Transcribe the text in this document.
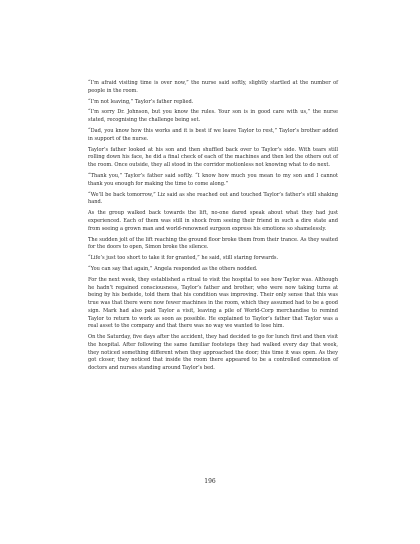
“I’m afraid visiting time is over now,” the nurse said softly, slightly startled at the number of people in the room.

“I’m not leaving,” Taylor’s father replied.

“I’m sorry Dr. Johnson, but you know the rules. Your son is in good care with us,” the nurse stated, recognising the challenge being set.

“Dad, you know how this works and it is best if we leave Taylor to rest,” Taylor’s brother added in support of the nurse.

Taylor’s father looked at his son and then shuffled back over to Taylor’s side. With tears still rolling down his face, he did a final check of each of the machines and then led the others out of the room. Once outside, they all stood in the corridor motionless not knowing what to do next.

“Thank you,” Taylor’s father said softly. “I know how much you mean to my son and I cannot thank you enough for making the time to come along.”

“We’ll be back tomorrow,” Liz said as she reached out and touched Taylor’s father’s still shaking hand.

As the group walked back towards the lift, no-one dared speak about what they had just experienced. Each of them was still in shock from seeing their friend in such a dire state and from seeing a grown man and world-renowned surgeon express his emotions so shamelessly.

The sudden jolt of the lift reaching the ground floor broke them from their trance. As they waited for the doors to open, Simon broke the silence.

“Life’s just too short to take it for granted,” he said, still staring forwards.

“You can say that again,” Angela responded as the others nodded.

For the next week, they established a ritual to visit the hospital to see how Taylor was. Although he hadn’t regained consciousness, Taylor’s father and brother, who were now taking turns at being by his bedside, told them that his condition was improving. Their only sense that this was true was that there were now fewer machines in the room, which they assumed had to be a good sign. Mark had also paid Taylor a visit, leaving a pile of World-Corp merchandise to remind Taylor to return to work as soon as possible. He explained to Taylor’s father that Taylor was a real asset to the company and that there was no way we wanted to lose him.

On the Saturday, five days after the accident, they had decided to go for lunch first and then visit the hospital. After following the same familiar footsteps they had walked every day that week, they noticed something different when they approached the door; this time it was open. As they got closer, they noticed that inside the room there appeared to be a controlled commotion of doctors and nurses standing around Taylor’s bed.

196
